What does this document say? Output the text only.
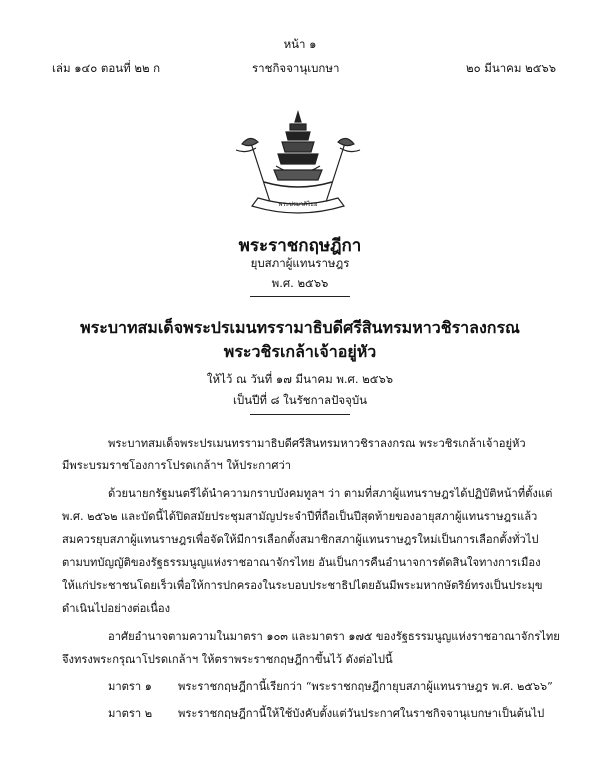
หน้า ๑
เล่ม ๑๔๐ ตอนที่ ๒๒ ก	ราชกิจจานุเบกษา	๒๐ มีนาคม ๒๕๖๖
พระปรมาภิไธย
พระราชกฤษฎีกา
ยุบสภาผู้แทนราษฎร
พ.ศ. ๒๕๖๖
พระบาทสมเด็จพระปรเมนทรรามาธิบดีศรีสินทรมหาวชิราลงกรณ
พระวชิรเกล้าเจ้าอยู่หัว
ให้ไว้ ณ วันที่ ๑๗ มีนาคม พ.ศ. ๒๕๖๖
เป็นปีที่ ๘ ในรัชกาลปัจจุบัน
พระบาทสมเด็จพระปรเมนทรรามาธิบดีศรีสินทรมหาวชิราลงกรณ พระวชิรเกล้าเจ้าอยู่หัว
มีพระบรมราชโองการโปรดเกล้าฯ ให้ประกาศว่า
ด้วยนายกรัฐมนตรีได้นำความกราบบังคมทูลฯ ว่า ตามที่สภาผู้แทนราษฎรได้ปฏิบัติหน้าที่ตั้งแต่
พ.ศ. ๒๕๖๒ และบัดนี้ได้ปิดสมัยประชุมสามัญประจำปีที่ถือเป็นปีสุดท้ายของอายุสภาผู้แทนราษฎรแล้ว
สมควรยุบสภาผู้แทนราษฎรเพื่อจัดให้มีการเลือกตั้งสมาชิกสภาผู้แทนราษฎรใหม่เป็นการเลือกตั้งทั่วไป
ตามบทบัญญัติของรัฐธรรมนูญแห่งราชอาณาจักรไทย อันเป็นการคืนอำนาจการตัดสินใจทางการเมือง
ให้แก่ประชาชนโดยเร็วเพื่อให้การปกครองในระบอบประชาธิปไตยอันมีพระมหากษัตริย์ทรงเป็นประมุข
ดำเนินไปอย่างต่อเนื่อง
อาศัยอำนาจตามความในมาตรา ๑๐๓ และมาตรา ๑๗๕ ของรัฐธรรมนูญแห่งราชอาณาจักรไทย
จึงทรงพระกรุณาโปรดเกล้าฯ ให้ตราพระราชกฤษฎีกาขึ้นไว้ ดังต่อไปนี้
มาตรา ๑ พระราชกฤษฎีกานี้เรียกว่า “พระราชกฤษฎีกายุบสภาผู้แทนราษฎร พ.ศ. ๒๕๖๖”
มาตรา ๒ พระราชกฤษฎีกานี้ให้ใช้บังคับตั้งแต่วันประกาศในราชกิจจานุเบกษาเป็นต้นไป
